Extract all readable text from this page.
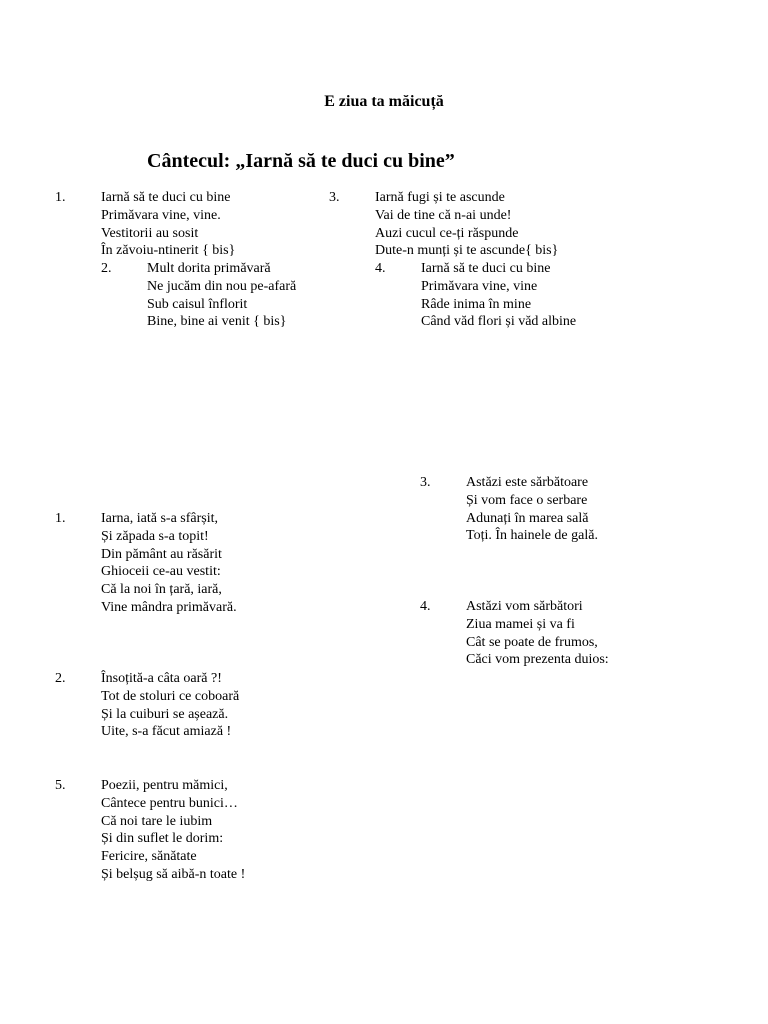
E ziua ta măicuță
Cântecul: „Iarnă să te duci cu bine”
1.	Iarnă să te duci cu bine
Primăvara vine, vine.
Vestitorii au sosit
În zăvoiu-ntinerit { bis}
2.	Mult dorita primăvară
Ne jucăm din nou pe-afară
Sub caisul înflorit
Bine, bine ai venit { bis}
3.	Iarnă fugi și te ascunde
Vai de tine că n-ai unde!
Auzi cucul ce-ți răspunde
Dute-n munți și te ascunde{ bis}
4.	Iarnă să te duci cu bine
Primăvara vine, vine
Râde inima în mine
Când văd flori și văd albine
1.	Iarna, iată s-a sfârșit,
Și zăpada s-a topit!
Din pământ au răsărit
Ghioceii ce-au vestit:
Că la noi în țară, iară,
Vine mândra primăvară.
2.	Însoțită-a câta oară ?!
Tot de stoluri ce coboară
Și la cuiburi se așează.
Uite, s-a făcut amiază !
5.	Poezii, pentru mămici,
Cântece pentru bunici…
Că noi tare le iubim
Și din suflet le dorim:
Fericire, sănătate
Și belșug să aibă-n toate !
3.	Astăzi este sărbătoare
Și vom face o serbare
Adunați în marea sală
Toți. În hainele de gală.
4.	Astăzi vom sărbători
Ziua mamei și va fi
Cât se poate de frumos,
Căci vom prezenta duios:
